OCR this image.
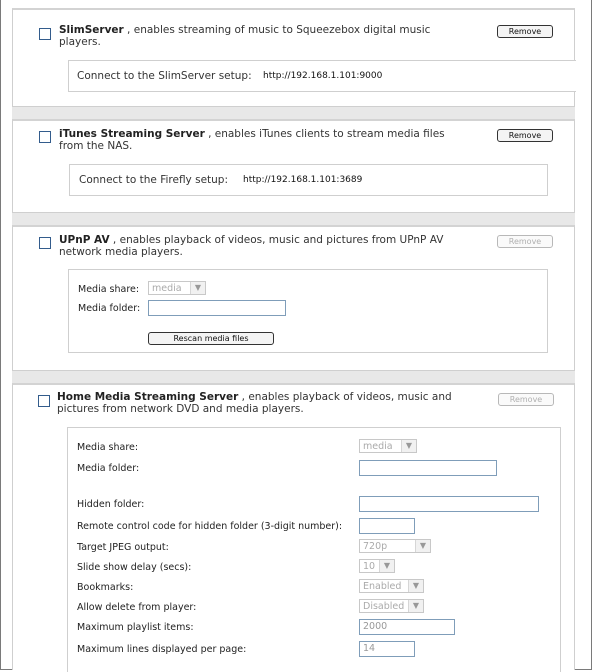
SlimServer , enables streaming of music to Squeezebox digital music
players.
Remove
Connect to the SlimServer setup: http://192.168.1.101:9000
iTunes Streaming Server , enables iTunes clients to stream media files
from the NAS.
Remove
Connect to the Firefly setup: http://192.168.1.101:3689
UPnP AV , enables playback of videos, music and pictures from UPnP AV
network media players.
Remove
Media share:	media	▼
Media folder:
Rescan media files
Home Media Streaming Server , enables playback of videos, music and
pictures from network DVD and media players.
Remove
Media share:	media	▼
Media folder:
Hidden folder:
Remote control code for hidden folder (3-digit number):
Target JPEG output:	720p	▼
Slide show delay (secs):	10	▼
Bookmarks:	Enabled	▼
Allow delete from player:	Disabled	▼
Maximum playlist items:	2000
Maximum lines displayed per page:	14
